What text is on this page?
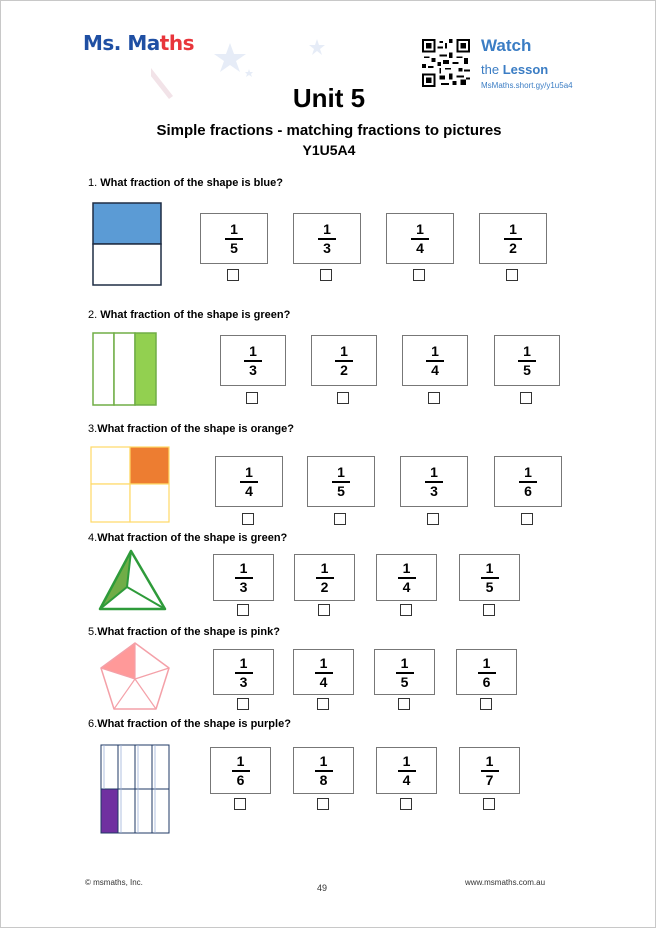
Ms. Maths	Watch
the Lesson
MsMaths.short.gy/y1u5a4
Unit 5
Simple fractions - matching fractions to pictures
Y1U5A4
1. What fraction of the shape is blue?
2. What fraction of the shape is green?
3.What fraction of the shape is orange?
4.What fraction of the shape is green?
5.What fraction of the shape is pink?
6.What fraction of the shape is purple?
1
5
1
3
1
4
1
2
1
3
1
2
1
4
1
5
1
4
1
5
1
3
1
6
1
3
1
2
1
4
1
5
1
3
1
4
1
5
1
6
1
6
1
8
1
4
1
7
© msmaths, Inc.
49
www.msmaths.com.au
